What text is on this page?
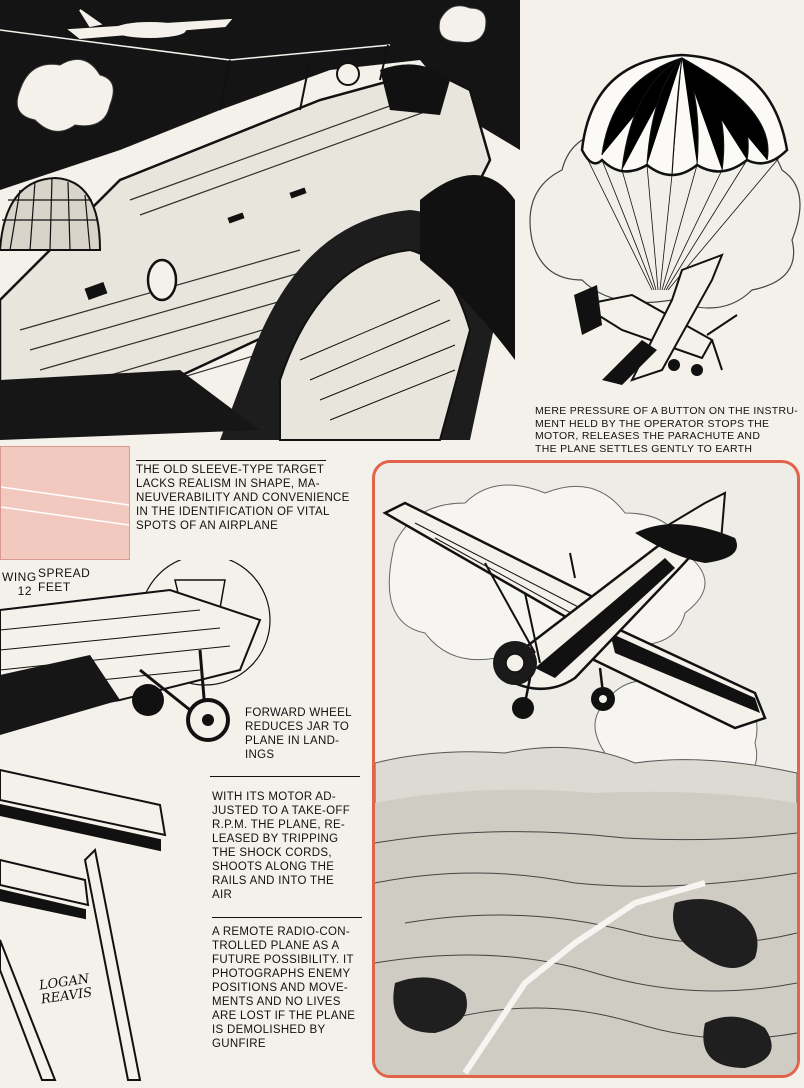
MERE PRESSURE OF A BUTTON ON THE INSTRU-
MENT HELD BY THE OPERATOR STOPS THE
MOTOR, RELEASES THE PARACHUTE AND
THE PLANE SETTLES GENTLY TO EARTH
THE OLD SLEEVE-TYPE TARGET
LACKS REALISM IN SHAPE, MA-
NEUVERABILITY AND CONVENIENCE
IN THE IDENTIFICATION OF VITAL
SPOTS OF AN AIRPLANE
WING
12
SPREAD
FEET
FORWARD WHEEL
REDUCES JAR TO
PLANE IN LAND-
INGS
WITH ITS MOTOR AD-
JUSTED TO A TAKE-OFF
R.P.M. THE PLANE, RE-
LEASED BY TRIPPING
THE SHOCK CORDS,
SHOOTS ALONG THE
RAILS AND INTO THE
AIR
A REMOTE RADIO-CON-
TROLLED PLANE AS A
FUTURE POSSIBILITY. IT
PHOTOGRAPHS ENEMY
POSITIONS AND MOVE-
MENTS AND NO LIVES
ARE LOST IF THE PLANE
IS DEMOLISHED BY
GUNFIRE
LOGAN
REAVIS
